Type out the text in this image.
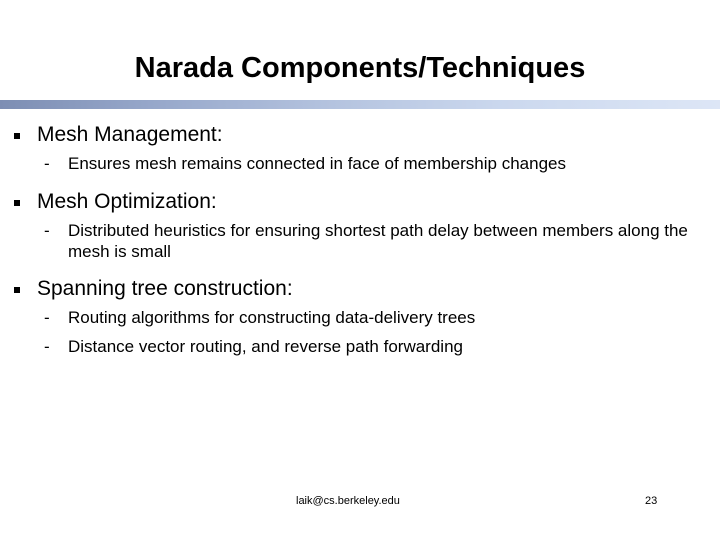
Narada Components/Techniques
Mesh Management:
- Ensures mesh remains connected in face of membership changes
Mesh Optimization:
- Distributed heuristics for ensuring shortest path delay between members along the mesh is small
Spanning tree construction:
- Routing algorithms for constructing data-delivery trees
- Distance vector routing, and reverse path forwarding
laik@cs.berkeley.edu	23
